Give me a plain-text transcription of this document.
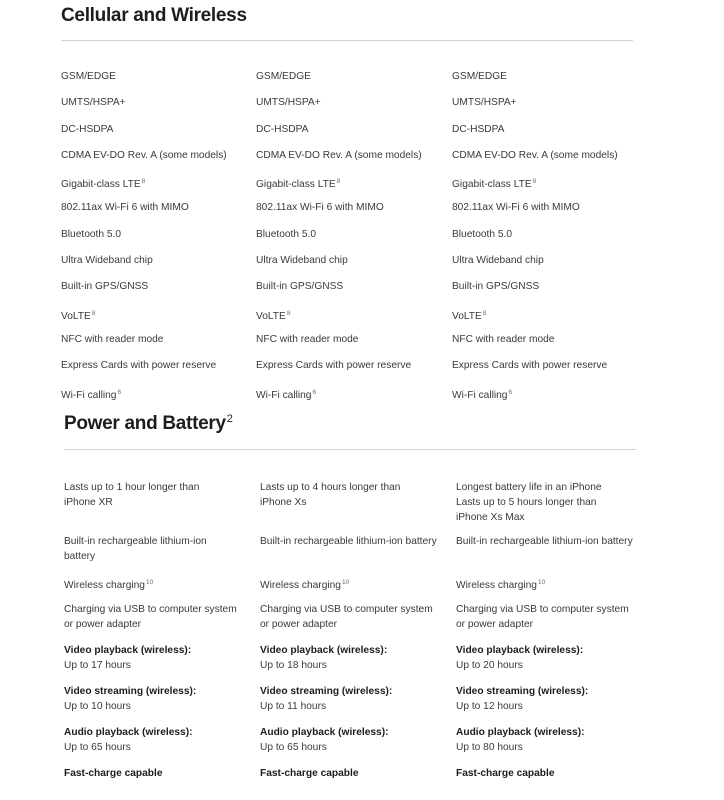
Cellular and Wireless
GSM/EDGE
UMTS/HSPA+
DC-HSDPA
CDMA EV-DO Rev. A (some models)
Gigabit-class LTE$^8$
802.11ax Wi-Fi 6 with MIMO
Bluetooth 5.0
Ultra Wideband chip
Built-in GPS/GNSS
VoLTE$^8$
NFC with reader mode
Express Cards with power reserve
Wi-Fi calling$^6$
GSM/EDGE
UMTS/HSPA+
DC-HSDPA
CDMA EV-DO Rev. A (some models)
Gigabit-class LTE$^8$
802.11ax Wi-Fi 6 with MIMO
Bluetooth 5.0
Ultra Wideband chip
Built-in GPS/GNSS
VoLTE$^8$
NFC with reader mode
Express Cards with power reserve
Wi-Fi calling$^6$
GSM/EDGE
UMTS/HSPA+
DC-HSDPA
CDMA EV-DO Rev. A (some models)
Gigabit-class LTE$^8$
802.11ax Wi-Fi 6 with MIMO
Bluetooth 5.0
Ultra Wideband chip
Built-in GPS/GNSS
VoLTE$^8$
NFC with reader mode
Express Cards with power reserve
Wi-Fi calling$^6$
Power and Battery$^2$
Lasts up to 1 hour longer than
iPhone XR
Built-in rechargeable lithium-ion
battery
Wireless charging$^{10}$
Charging via USB to computer system
or power adapter
Video playback (wireless):
Up to 17 hours
Video streaming (wireless):
Up to 10 hours
Audio playback (wireless):
Up to 65 hours
Fast-charge capable
Lasts up to 4 hours longer than
iPhone Xs
Built-in rechargeable lithium-ion battery
Wireless charging$^{10}$
Charging via USB to computer system
or power adapter
Video playback (wireless):
Up to 18 hours
Video streaming (wireless):
Up to 11 hours
Audio playback (wireless):
Up to 65 hours
Fast-charge capable
Longest battery life in an iPhone
Lasts up to 5 hours longer than
iPhone Xs Max
Built-in rechargeable lithium-ion battery
Wireless charging$^{10}$
Charging via USB to computer system
or power adapter
Video playback (wireless):
Up to 20 hours
Video streaming (wireless):
Up to 12 hours
Audio playback (wireless):
Up to 80 hours
Fast-charge capable
